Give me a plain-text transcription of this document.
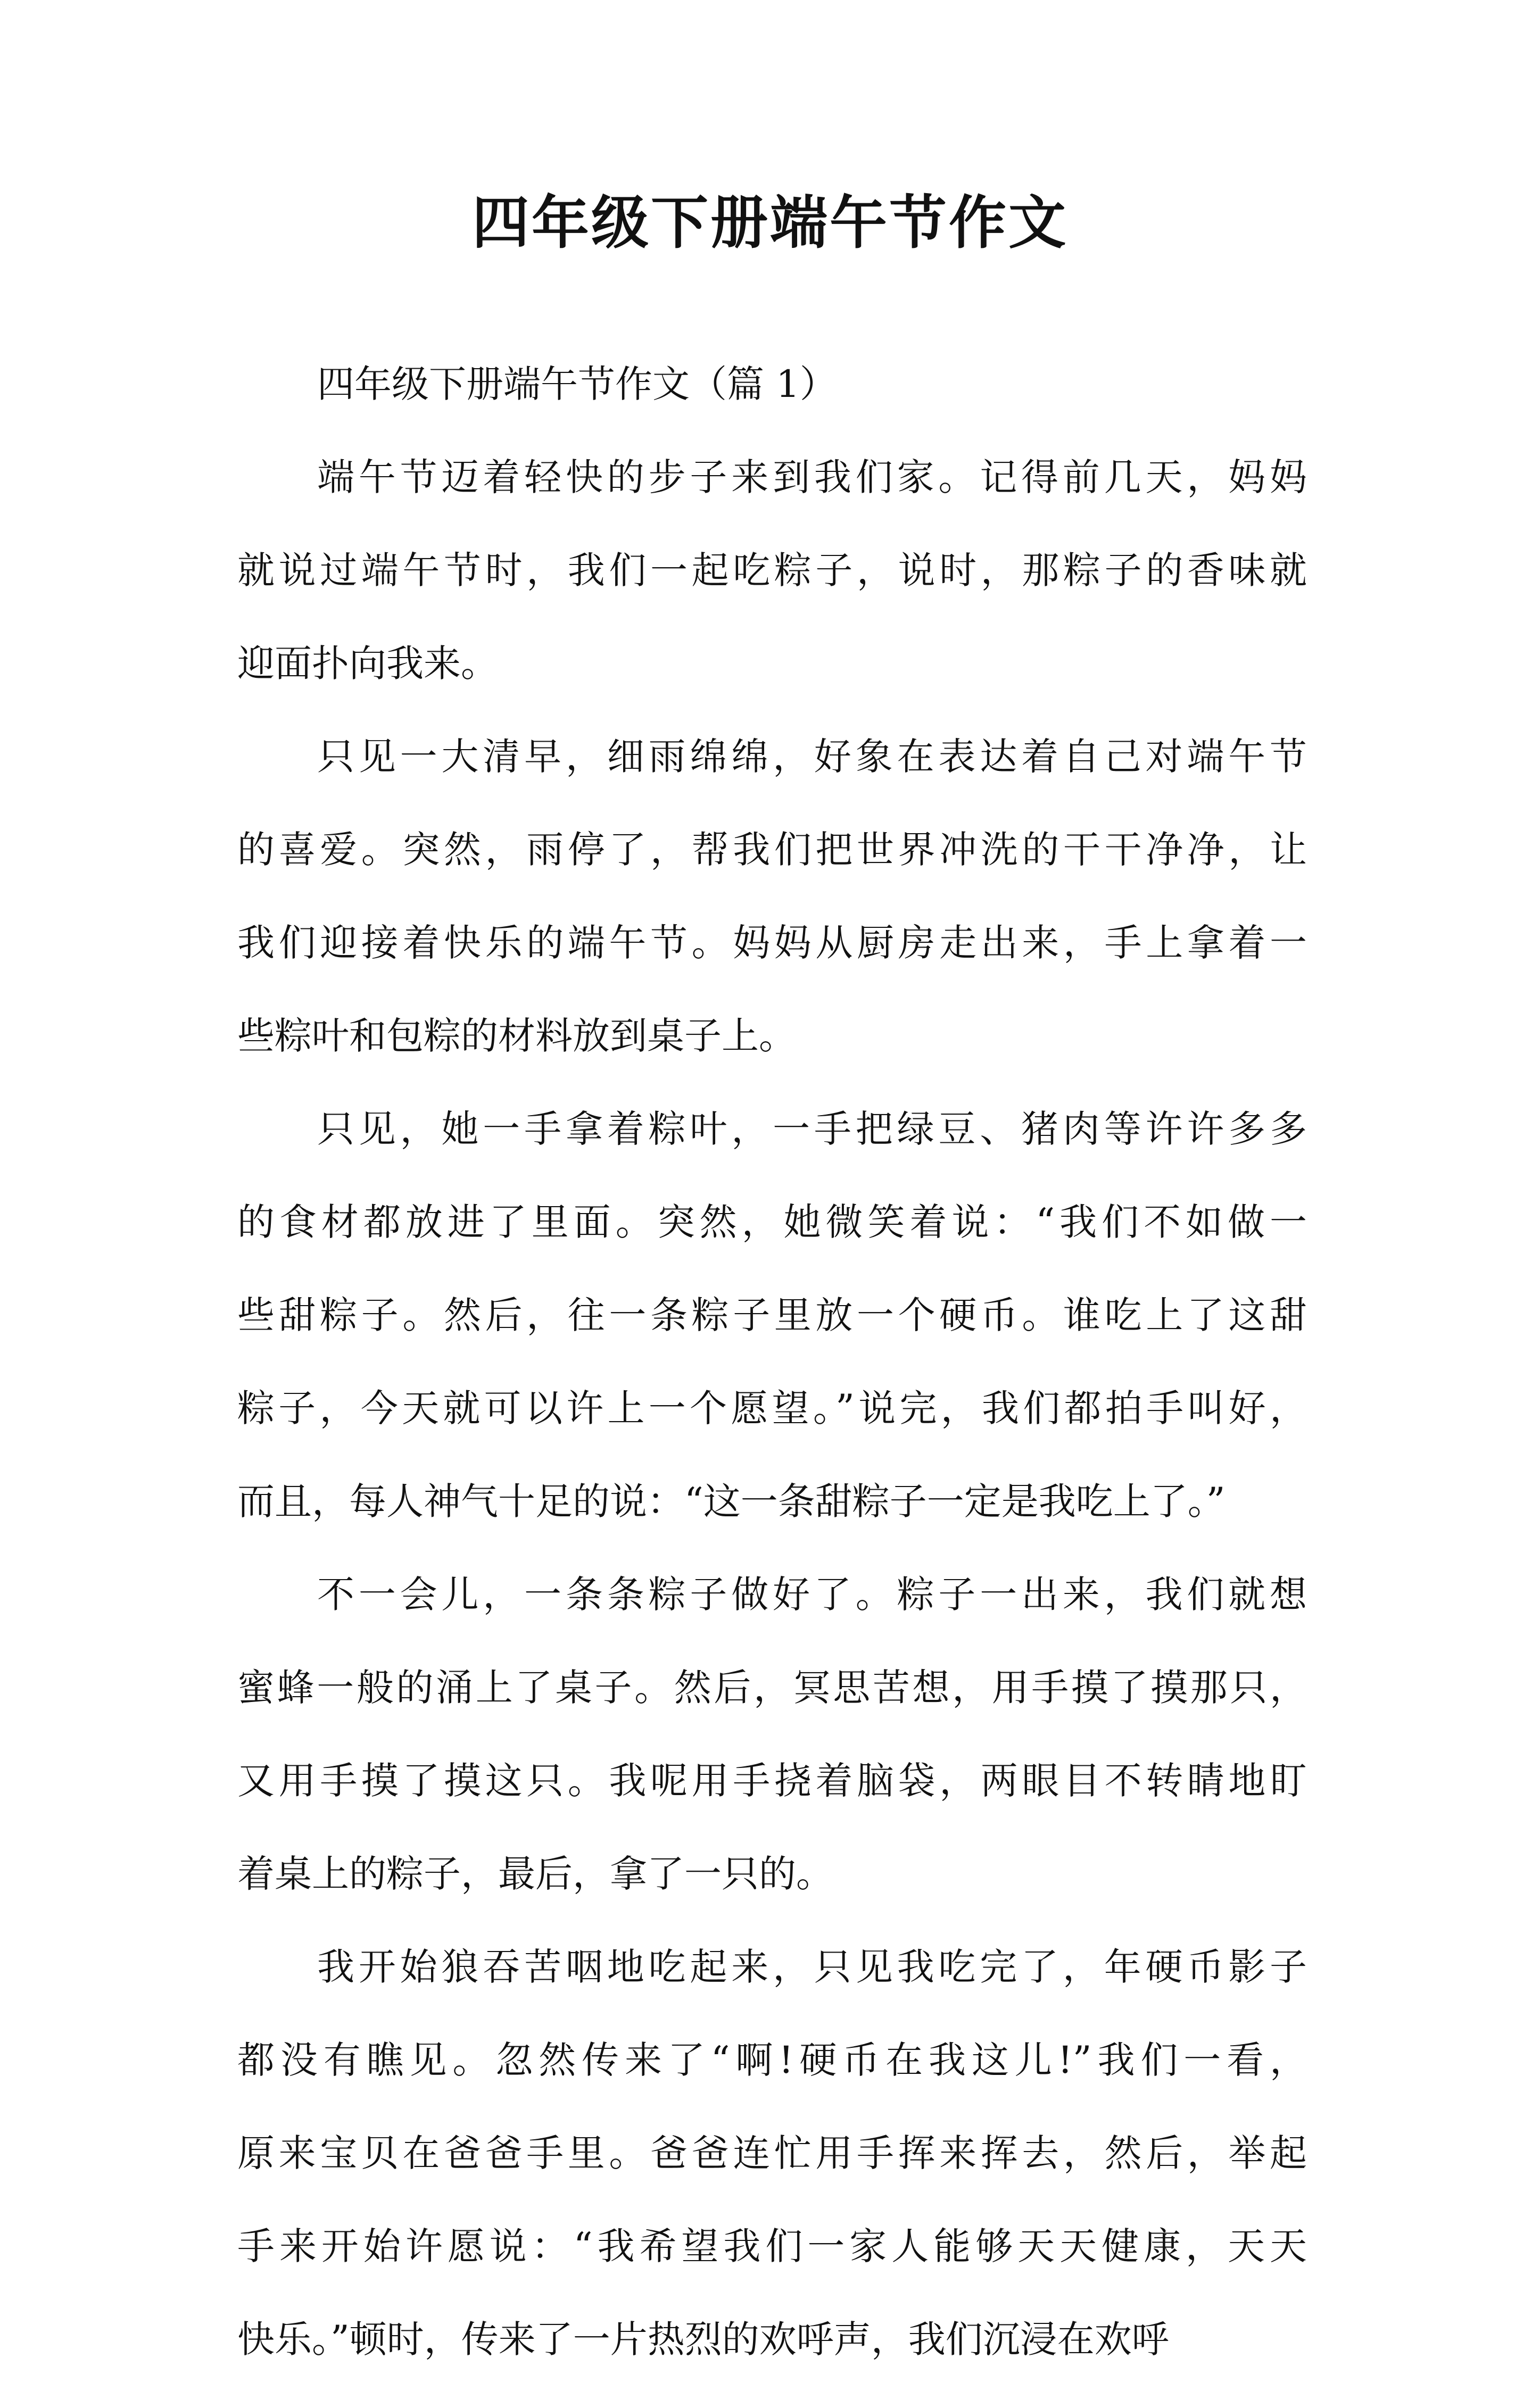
四年级下册端午节作文
四年级下册端午节作文（篇 1）
端午节迈着轻快的步子来到我们家。记得前几天，妈妈
就说过端午节时，我们一起吃粽子，说时，那粽子的香味就
迎面扑向我来。
只见一大清早，细雨绵绵，好象在表达着自己对端午节
的喜爱。突然，雨停了，帮我们把世界冲洗的干干净净，让
我们迎接着快乐的端午节。妈妈从厨房走出来，手上拿着一
些粽叶和包粽的材料放到桌子上。
只见，她一手拿着粽叶，一手把绿豆、猪肉等许许多多
的食材都放进了里面。突然，她微笑着说：“我们不如做一
些甜粽子。然后，往一条粽子里放一个硬币。谁吃上了这甜
粽子，今天就可以许上一个愿望。”说完，我们都拍手叫好，
而且，每人神气十足的说：“这一条甜粽子一定是我吃上了。”
不一会儿，一条条粽子做好了。粽子一出来，我们就想
蜜蜂一般的涌上了桌子。然后，冥思苦想，用手摸了摸那只，
又用手摸了摸这只。我呢用手挠着脑袋，两眼目不转睛地盯
着桌上的粽子，最后，拿了一只的。
我开始狼吞苦咽地吃起来，只见我吃完了，年硬币影子
都没有瞧见。忽然传来了“啊!硬币在我这儿!”我们一看，
原来宝贝在爸爸手里。爸爸连忙用手挥来挥去，然后，举起
手来开始许愿说：“我希望我们一家人能够天天健康，天天
快乐。”顿时，传来了一片热烈的欢呼声，我们沉浸在欢呼
